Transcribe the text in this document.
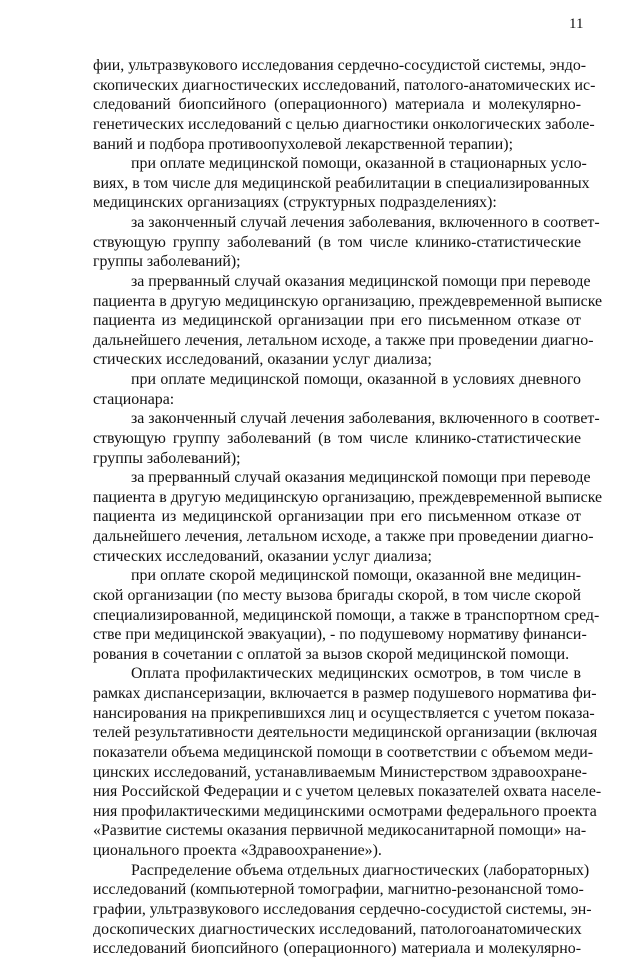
11
фии, ультразвукового исследования сердечно-сосудистой системы, эндо-
скопических диагностических исследований, патолого-анатомических ис-
следований биопсийного (операционного) материала и молекулярно-
генетических исследований с целью диагностики онкологических заболе-
ваний и подбора противоопухолевой лекарственной терапии);
при оплате медицинской помощи, оказанной в стационарных усло-
виях, в том числе для медицинской реабилитации в специализированных
медицинских организациях (структурных подразделениях):
за законченный случай лечения заболевания, включенного в соответ-
ствующую группу заболеваний (в том числе клинико-статистические
группы заболеваний);
за прерванный случай оказания медицинской помощи при переводе
пациента в другую медицинскую организацию, преждевременной выписке
пациента из медицинской организации при его письменном отказе от
дальнейшего лечения, летальном исходе, а также при проведении диагно-
стических исследований, оказании услуг диализа;
при оплате медицинской помощи, оказанной в условиях дневного
стационара:
за законченный случай лечения заболевания, включенного в соответ-
ствующую группу заболеваний (в том числе клинико-статистические
группы заболеваний);
за прерванный случай оказания медицинской помощи при переводе
пациента в другую медицинскую организацию, преждевременной выписке
пациента из медицинской организации при его письменном отказе от
дальнейшего лечения, летальном исходе, а также при проведении диагно-
стических исследований, оказании услуг диализа;
при оплате скорой медицинской помощи, оказанной вне медицин-
ской организации (по месту вызова бригады скорой, в том числе скорой
специализированной, медицинской помощи, а также в транспортном сред-
стве при медицинской эвакуации), - по подушевому нормативу финанси-
рования в сочетании с оплатой за вызов скорой медицинской помощи.
Оплата профилактических медицинских осмотров, в том числе в
рамках диспансеризации, включается в размер подушевого норматива фи-
нансирования на прикрепившихся лиц и осуществляется с учетом показа-
телей результативности деятельности медицинской организации (включая
показатели объема медицинской помощи в соответствии с объемом меди-
цинских исследований, устанавливаемым Министерством здравоохране-
ния Российской Федерации и с учетом целевых показателей охвата населе-
ния профилактическими медицинскими осмотрами федерального проекта
«Развитие системы оказания первичной медикосанитарной помощи» на-
ционального проекта «Здравоохранение»).
Распределение объема отдельных диагностических (лабораторных)
исследований (компьютерной томографии, магнитно-резонансной томо-
графии, ультразвукового исследования сердечно-сосудистой системы, эн-
доскопических диагностических исследований, патологоанатомических
исследований биопсийного (операционного) материала и молекулярно-
